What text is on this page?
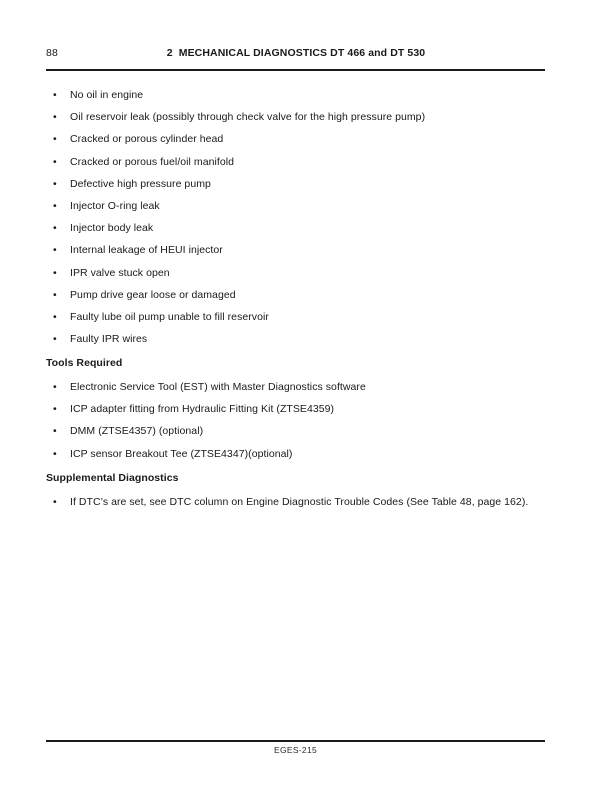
88	2  MECHANICAL DIAGNOSTICS DT 466 and DT 530
• No oil in engine
• Oil reservoir leak (possibly through check valve for the high pressure pump)
• Cracked or porous cylinder head
• Cracked or porous fuel/oil manifold
• Defective high pressure pump
• Injector O-ring leak
• Injector body leak
• Internal leakage of HEUI injector
• IPR valve stuck open
• Pump drive gear loose or damaged
• Faulty lube oil pump unable to fill reservoir
• Faulty IPR wires
Tools Required
• Electronic Service Tool (EST) with Master Diagnostics software
• ICP adapter fitting from Hydraulic Fitting Kit (ZTSE4359)
• DMM (ZTSE4357) (optional)
• ICP sensor Breakout Tee (ZTSE4347)(optional)
Supplemental Diagnostics
• If DTC’s are set, see DTC column on Engine Diagnostic Trouble Codes (See Table 48, page 162).
EGES-215
